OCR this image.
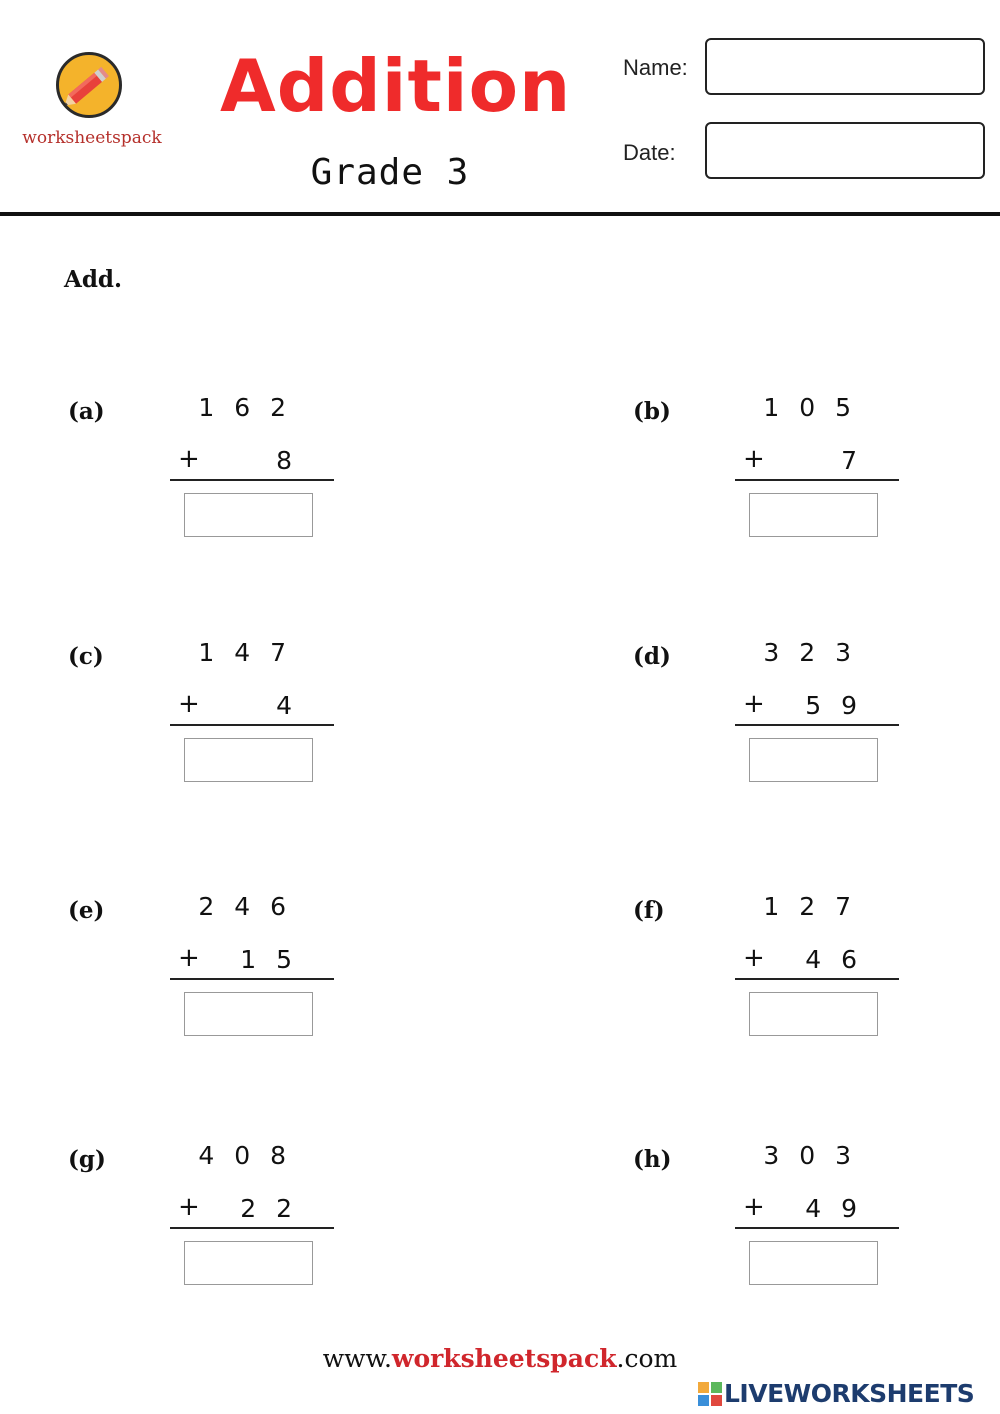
worksheetspack
Addition
Grade 3
Name:
Date:
Add.
(a)	1 6 2
+	8
(b)	1 0 5
+	7
(c)	1 4 7
+	4
(d)	3 2 3
+	5 9
(e)	2 4 6
+	1 5
(f)	1 2 7
+	4 6
(g)	4 0 8
+	2 2
(h)	3 0 3
+	4 9
www.worksheetspack.com
LIVEWORKSHEETS
